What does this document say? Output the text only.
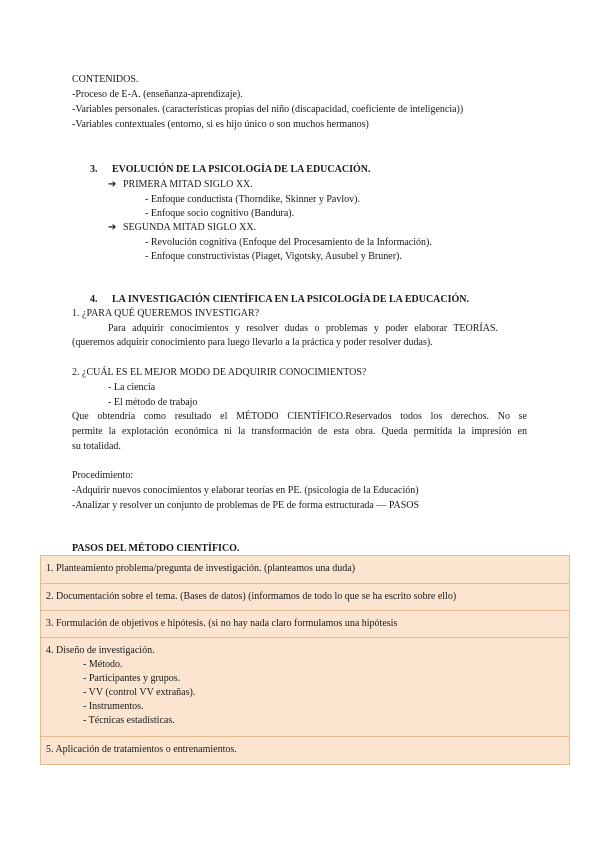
CONTENIDOS.
-Proceso de E-A. (enseñanza-aprendizaje).
-Variables personales. (características propias del niño (discapacidad, coeficiente de inteligencia))
-Variables contextuales (entorno, si es hijo único o son muchos hermanos)
3. EVOLUCIÓN DE LA PSICOLOGÍA DE LA EDUCACIÓN.
➔ PRIMERA MITAD SIGLO XX.
- Enfoque conductista (Thorndike, Skinner y Pavlov).
- Enfoque socio cognitivo (Bandura).
➔ SEGUNDA MITAD SIGLO XX.
- Revolución cognitiva (Enfoque del Procesamiento de la Información).
- Enfoque constructivistas (Piaget, Vigotsky, Ausubel y Bruner).
4. LA INVESTIGACIÓN CIENTÍFICA EN LA PSICOLOGÍA DE LA EDUCACIÓN.
1. ¿PARA QUÉ QUEREMOS INVESTIGAR?
Para adquirir conocimientos y resolver dudas o problemas y poder elaborar TEORÍAS.
(queremos adquirir conocimiento para luego llevarlo a la práctica y poder resolver dudas).
2. ¿CUÁL ES EL MEJOR MODO DE ADQUIRIR CONOCIMIENTOS?
- La ciencia
- El método de trabajo
Que obtendría como resultado el MÉTODO CIENTÍFICO.Reservados todos los derechos. No se
permite la explotación económica ni la transformación de esta obra. Queda permitida la impresión en
su totalidad.
Procedimiento:
-Adquirir nuevos conocimientos y elaborar teorías en PE. (psicología de la Educación)
-Analizar y resolver un conjunto de problemas de PE de forma estructurada — PASOS
PASOS DEL MÉTODO CIENTÍFICO.
1. Planteamiento problema/pregunta de investigación. (planteamos una duda)
2. Documentación sobre el tema. (Bases de datos) (informamos de todo lo que se ha escrito sobre ello)
3. Formulación de objetivos e hipótesis. (si no hay nada claro formulamos una hipótesis
4. Diseño de investigación.
- Método.
- Participantes y grupos.
- VV (control VV extrañas).
- Instrumentos.
- Técnicas estadísticas.
5. Aplicación de tratamientos o entrenamientos.
